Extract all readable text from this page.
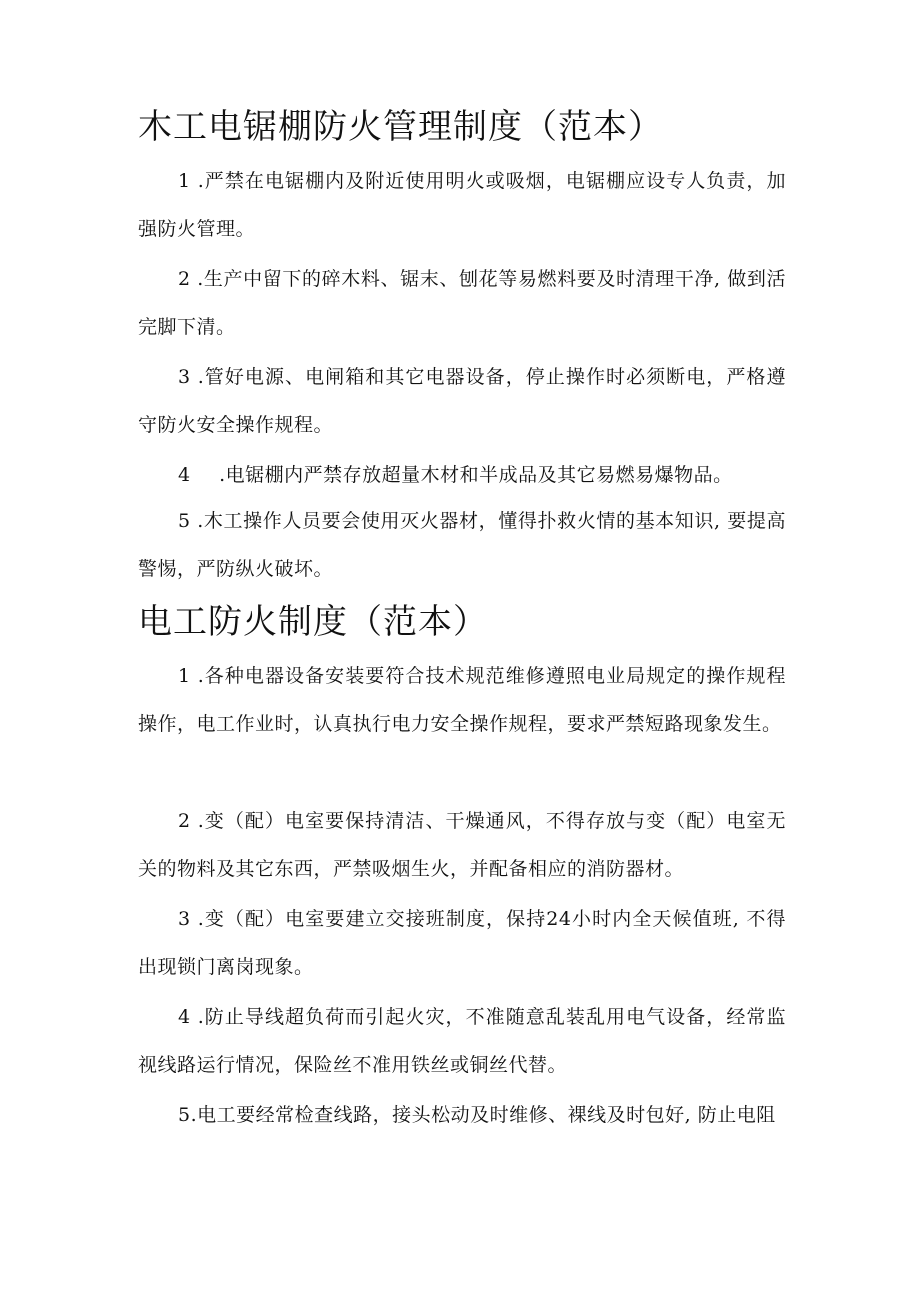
木工电锯棚防火管理制度（范本）

1 .严禁在电锯棚内及附近使用明火或吸烟，电锯棚应设专人负责，加强防火管理。

2 .生产中留下的碎木料、锯末、刨花等易燃料要及时清理干净, 做到活完脚下清。

3 .管好电源、电闸箱和其它电器设备，停止操作时必须断电，严格遵守防火安全操作规程。

4 .电锯棚内严禁存放超量木材和半成品及其它易燃易爆物品。

5 .木工操作人员要会使用灭火器材，懂得扑救火情的基本知识, 要提高警惕，严防纵火破坏。

电工防火制度（范本）

1 .各种电器设备安装要符合技术规范维修遵照电业局规定的操作规程操作，电工作业时，认真执行电力安全操作规程，要求严禁短路现象发生。

2 .变（配）电室要保持清洁、干燥通风，不得存放与变（配）电室无关的物料及其它东西，严禁吸烟生火，并配备相应的消防器材。

3 .变（配）电室要建立交接班制度，保持24小时内全天候值班, 不得出现锁门离岗现象。

4 .防止导线超负荷而引起火灾，不准随意乱装乱用电气设备，经常监视线路运行情况，保险丝不准用铁丝或铜丝代替。

5.电工要经常检查线路，接头松动及时维修、裸线及时包好, 防止电阻
